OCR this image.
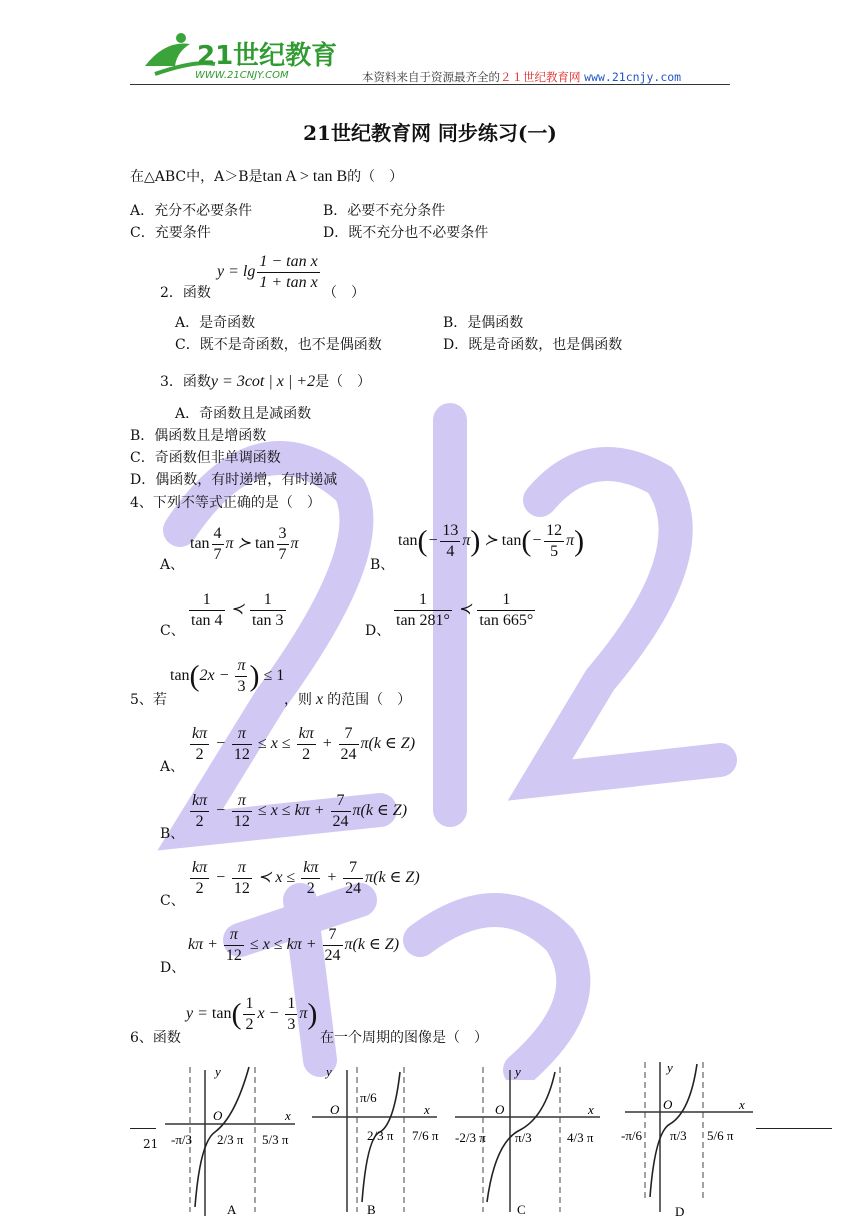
21世纪教育
WWW.21CNJY.COM	本资料来自于资源最齐全的２１世纪教育网 www.21cnjy.com
21世纪教育网 同步练习(一)
在△ABC中，A＞B是tan A > tan B的（　）
A．充分不必要条件	B．必要不充分条件
C．充要条件	D．既不充分也不必要条件
2．函数
$y = \lg \frac{\text{1 − tan x}}{\text{1 + tan x}}$ （　）
A．是奇函数	B．是偶函数
C．既不是奇函数，也不是偶函数	D．既是奇函数，也是偶函数
3．函数y = 3cot | x | +2是（　）
A．奇函数且是减函数
B．偶函数且是增函数
C．奇函数但非单调函数
D．偶函数，有时递增，有时递减
4、下列不等式正确的是（　）
A、
$\tan \frac{4}{7}$ π ≻ $\tan \frac{3}{7}$ π
B、
$\tan(- \frac{13}{4} \pi)$ ≻ $\tan(- \frac{12}{5} \pi)$
C、 $\frac{1}{\tan 4}$ ≺ $\frac{1}{\tan 3}$	D、 $\frac{1}{\tan 281^\circ}$ ≺ $\frac{1}{\tan 665^\circ}$
5、若
$\tan(2x - \frac{\pi}{3}$ ) ≤ 1
，则 x 的范围（　）
A、
$\frac{k\pi}{2} - \frac{\pi}{12} \le x \le \frac{k\pi}{2} + \frac{7}{24} \pi(k$ ∈ Z)
B、
$\frac{k\pi}{2} - \frac{\pi}{12} \le x \le k\pi + \frac{7}{24} \pi(k$ ∈ Z)
C、
$\frac{k\pi}{2} - \frac{\pi}{12}$ ≺ $x \le \frac{k\pi}{2} + \frac{7}{24} \pi(k$ ∈ Z)
D、
$k\pi + \frac{\pi}{12} \le x \le k\pi + \frac{7}{24} \pi(k$ ∈ Z)
6、函数
$y = \tan( \frac{1}{2}$ $x - \frac{1}{3} \pi$)
在一个周期的图像是（　）
y
O	x
-π/3 2/3 π 5/3 π
A
y
O	x
π/6
2/3 π 7/6 π
B
y
O	x
-2/3 π π/3	4/3 π
C
y
O	x
-π/6 π/3 5/6 π
D
21
